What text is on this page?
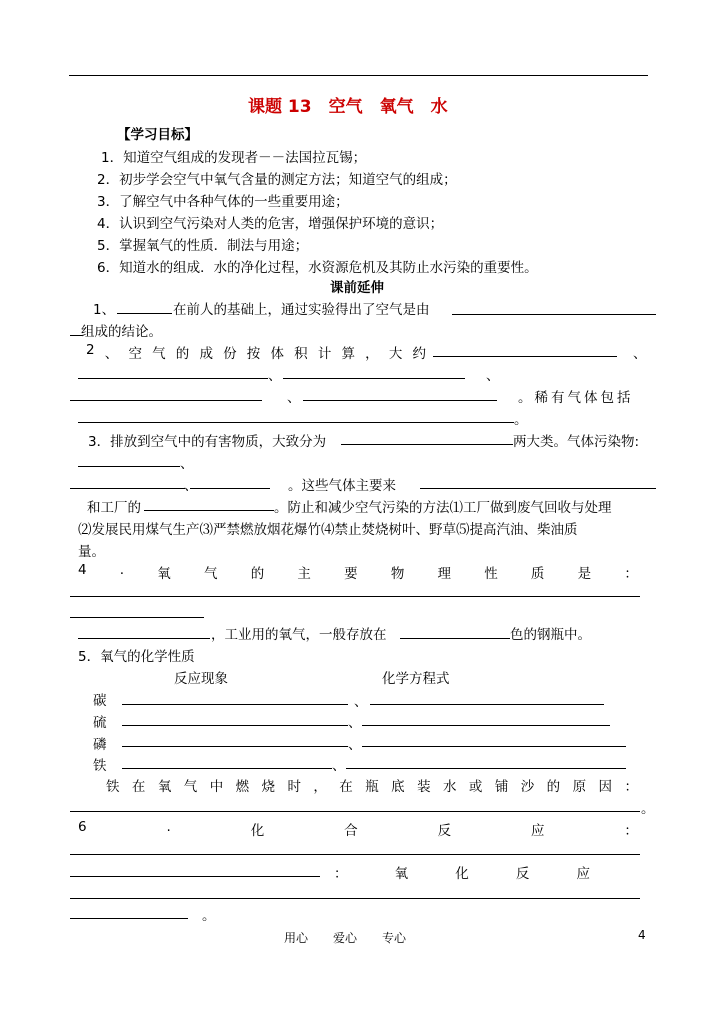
课题 13　空气　氧气　水
【学习目标】
1．知道空气组成的发现者－－法国拉瓦锡；
2．初步学会空气中氧气含量的测定方法；知道空气的组成；
3．了解空气中各种气体的一些重要用途；
4．认识到空气污染对人类的危害，增强保护环境的意识；
5．掌握氧气的性质．制法与用途；
6．知道水的组成．水的净化过程，水资源危机及其防止水污染的重要性。
课前延伸
1、	在前人的基础上，通过实验得出了空气是由
组成的结论。
2 、 空 气 的 成 份 按 体 积 计 算 ， 大 约	、
、	、
、	。稀有气体包括
。
3．排放到空气中的有害物质，大致分为	两大类。气体污染物:
、
、	。这些气体主要来
和工厂的	。防止和减少空气污染的方法⑴工厂做到废气回收与处理
⑵发展民用煤气生产⑶严禁燃放烟花爆竹⑷禁止焚烧树叶、野草⑸提高汽油、柴油质
量。
4 . 氧 气 的 主 要 物 理 性 质 是 ：
，工业用的氧气，一般存放在	色的钢瓶中。
5．氧气的化学性质
反应现象	化学方程式
碳	、
硫	、
磷	、
铁	、
铁 在 氧 气 中 燃 烧 时 ， 在 瓶 底 装 水 或 铺 沙 的 原 因 ：
。
6	.	化	合	反	应	：
：	氧	化	反	应
。
用心 爱心 专心	4
